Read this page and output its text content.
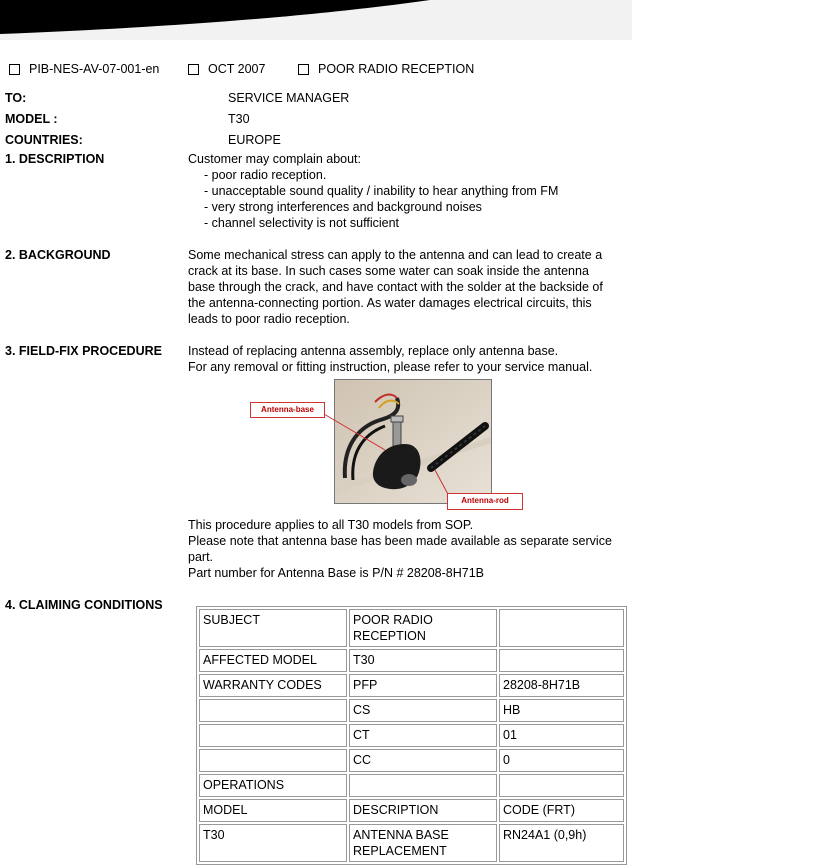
PIB-NES-AV-07-001-en	OCT 2007	POOR RADIO RECEPTION
TO:	SERVICE MANAGER
MODEL :	T30
COUNTRIES:	EUROPE
1. DESCRIPTION	Customer may complain about:
- poor radio reception.
- unacceptable sound quality / inability to hear anything from FM
- very strong interferences and background noises
- channel selectivity is not sufficient
2. BACKGROUND	Some mechanical stress can apply to the antenna and can lead to create a
crack at its base. In such cases some water can soak inside the antenna
base through the crack, and have contact with the solder at the backside of
the antenna-connecting portion. As water damages electrical circuits, this
leads to poor radio reception.
3. FIELD-FIX PROCEDURE Instead of replacing antenna assembly, replace only antenna base.
For any removal or fitting instruction, please refer to your service manual.
Antenna-base
Antenna-rod
This procedure applies to all T30 models from SOP.
Please note that antenna base has been made available as separate service
part.
Part number for Antenna Base is P/N # 28208-8H71B
4. CLAIMING CONDITIONS
SUBJECT	POOR RADIO RECEPTION	
AFFECTED MODEL	T30	
WARRANTY CODES	PFP	28208-8H71B
	CS	HB
	CT	01
	CC	0
OPERATIONS		
MODEL	DESCRIPTION	CODE (FRT)
T30	ANTENNA BASE REPLACEMENT	RN24A1 (0,9h)
